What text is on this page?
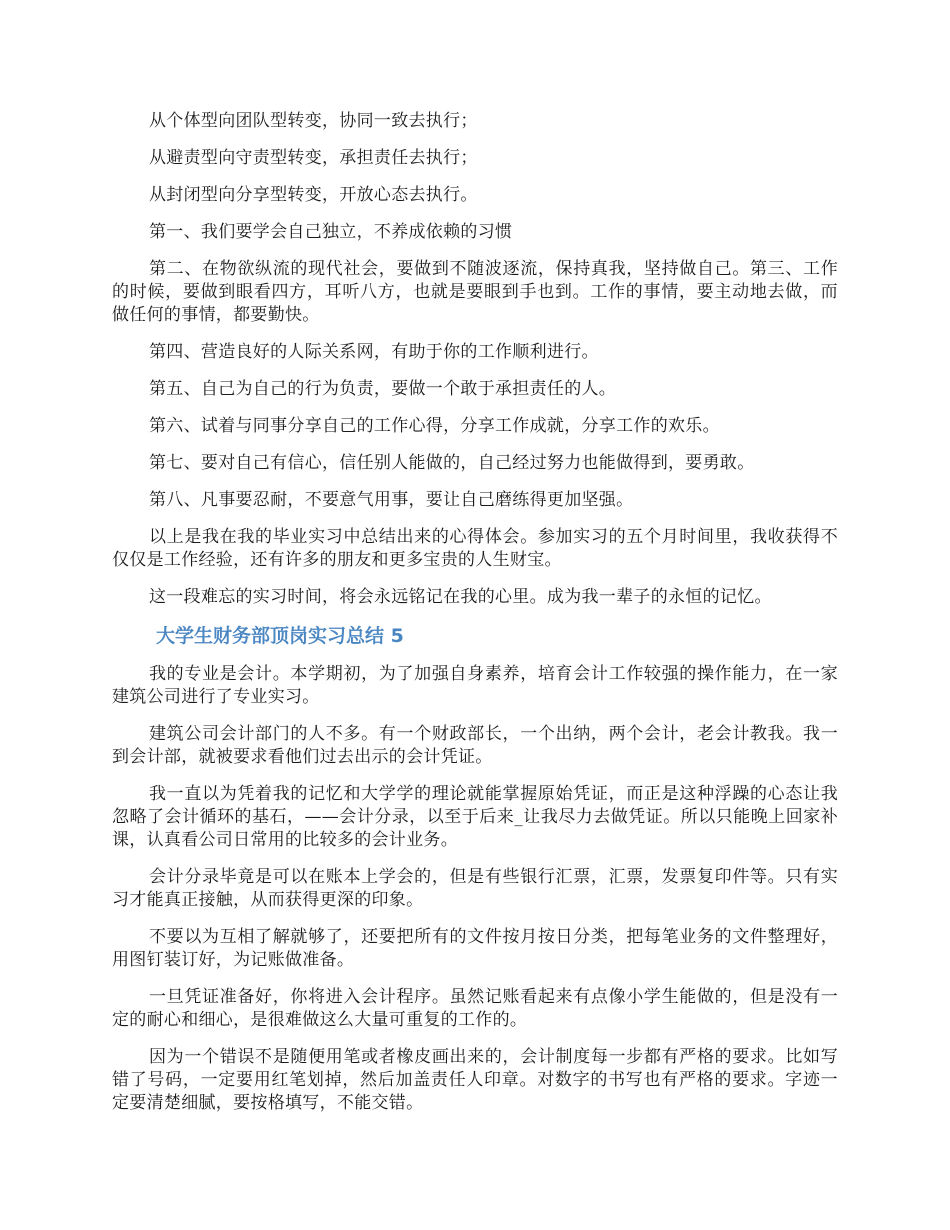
从个体型向团队型转变，协同一致去执行；

从避责型向守责型转变，承担责任去执行；

从封闭型向分享型转变，开放心态去执行。

第一、我们要学会自己独立，不养成依赖的习惯

第二、在物欲纵流的现代社会，要做到不随波逐流，保持真我，坚持做自己。第三、工作的时候，要做到眼看四方，耳听八方，也就是要眼到手也到。工作的事情，要主动地去做，而做任何的事情，都要勤快。

第四、营造良好的人际关系网，有助于你的工作顺利进行。

第五、自己为自己的行为负责，要做一个敢于承担责任的人。

第六、试着与同事分享自己的工作心得，分享工作成就，分享工作的欢乐。

第七、要对自己有信心，信任别人能做的，自己经过努力也能做得到，要勇敢。

第八、凡事要忍耐，不要意气用事，要让自己磨练得更加坚强。

以上是我在我的毕业实习中总结出来的心得体会。参加实习的五个月时间里，我收获得不仅仅是工作经验，还有许多的朋友和更多宝贵的人生财宝。

这一段难忘的实习时间，将会永远铭记在我的心里。成为我一辈子的永恒的记忆。

大学生财务部顶岗实习总结 5

我的专业是会计。本学期初，为了加强自身素养，培育会计工作较强的操作能力，在一家建筑公司进行了专业实习。

建筑公司会计部门的人不多。有一个财政部长，一个出纳，两个会计，老会计教我。我一到会计部，就被要求看他们过去出示的会计凭证。

我一直以为凭着我的记忆和大学学的理论就能掌握原始凭证，而正是这种浮躁的心态让我忽略了会计循环的基石，——会计分录，以至于后来_让我尽力去做凭证。所以只能晚上回家补课，认真看公司日常用的比较多的会计业务。

会计分录毕竟是可以在账本上学会的，但是有些银行汇票，汇票，发票复印件等。只有实习才能真正接触，从而获得更深的印象。

不要以为互相了解就够了，还要把所有的文件按月按日分类，把每笔业务的文件整理好，用图钉装订好，为记账做准备。

一旦凭证准备好，你将进入会计程序。虽然记账看起来有点像小学生能做的，但是没有一定的耐心和细心，是很难做这么大量可重复的工作的。

因为一个错误不是随便用笔或者橡皮画出来的，会计制度每一步都有严格的要求。比如写错了号码，一定要用红笔划掉，然后加盖责任人印章。对数字的书写也有严格的要求。字迹一定要清楚细腻，要按格填写，不能交错。
